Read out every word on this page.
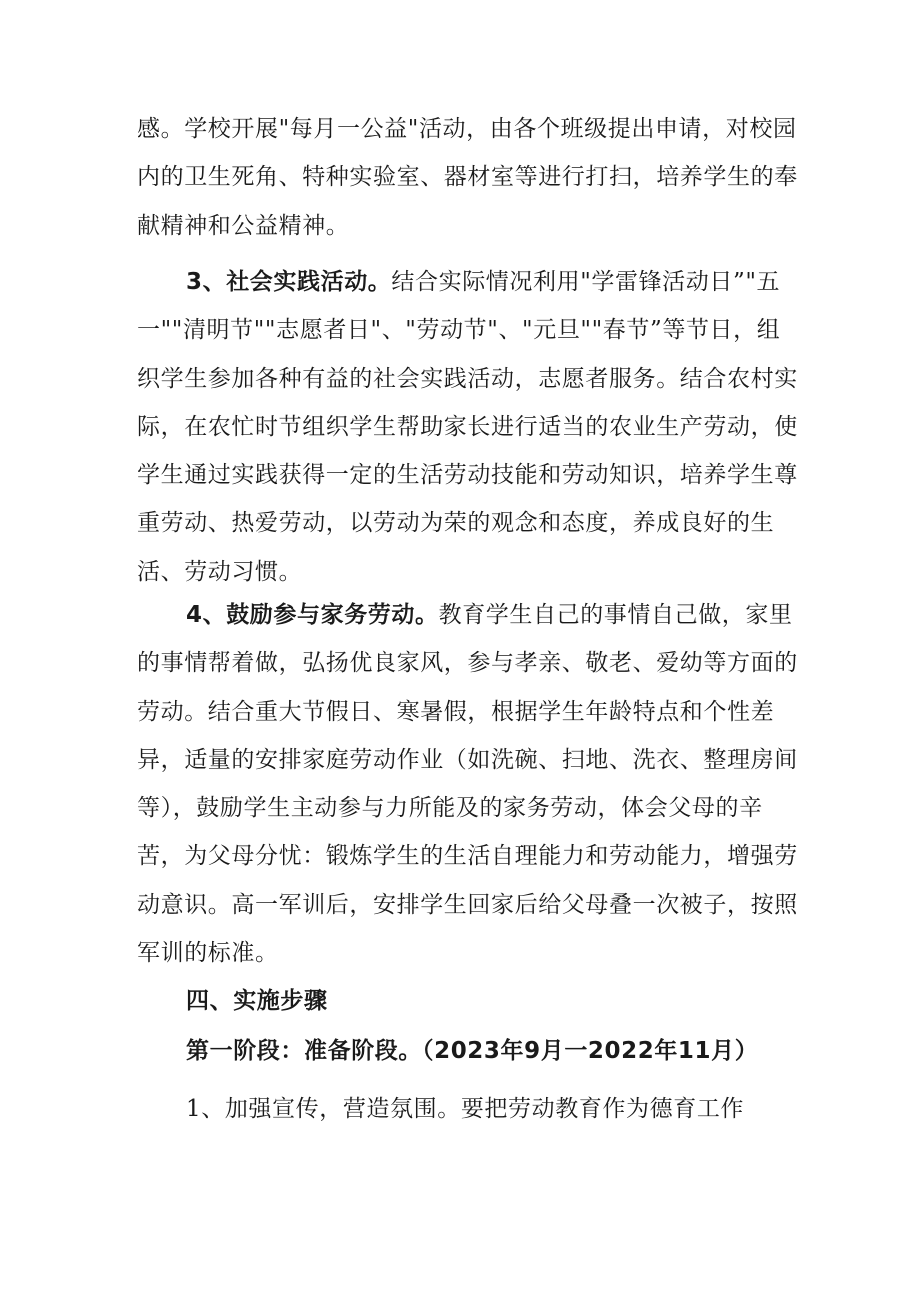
感。学校开展"每月一公益"活动，由各个班级提出申请，对校园内的卫生死角、特种实验室、器材室等进行打扫，培养学生的奉献精神和公益精神。

3、社会实践活动。结合实际情况利用"学雷锋活动日”"五一""清明节""志愿者日"、"劳动节"、"元旦""春节”等节日，组织学生参加各种有益的社会实践活动，志愿者服务。结合农村实际，在农忙时节组织学生帮助家长进行适当的农业生产劳动，使学生通过实践获得一定的生活劳动技能和劳动知识，培养学生尊重劳动、热爱劳动，以劳动为荣的观念和态度，养成良好的生活、劳动习惯。

4、鼓励参与家务劳动。教育学生自己的事情自己做，家里的事情帮着做，弘扬优良家风，参与孝亲、敬老、爱幼等方面的劳动。结合重大节假日、寒暑假，根据学生年龄特点和个性差异，适量的安排家庭劳动作业（如洗碗、扫地、洗衣、整理房间等），鼓励学生主动参与力所能及的家务劳动，体会父母的辛苦，为父母分忧：锻炼学生的生活自理能力和劳动能力，增强劳动意识。高一军训后，安排学生回家后给父母叠一次被子，按照军训的标准。

四、实施步骤

第一阶段：准备阶段。（2023年9月一2022年11月）

1、加强宣传，营造氛围。要把劳动教育作为德育工作
